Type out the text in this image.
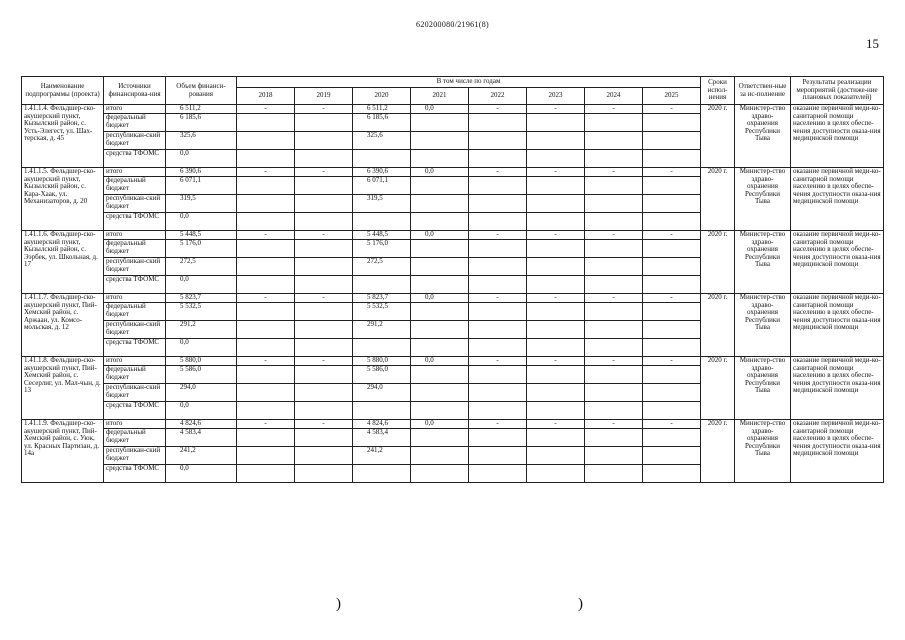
620200080/21961(8)
15
Наименование подпрограммы (проекта)	Источники финансирова-ния	Объем финанси-рования	В том числе по годам								Сроки испол-нения	Ответствен-ные за ис-полнение	Результаты реализации мероприятий (достиже-ние плановых показателей)
			2018	2019	2020	2021	2022	2023	2024	2025			
1.41.1.4. Фельдшер-ско-акушерский пункт, Кызылский район, с. Усть-Элегест, ул. Шах-терская, д. 45	итого	6 511,2	-	-	6 511,2	0,0	-	-	-	-	2020 г.	Министер-ство здраво-охранения Республики Тыва	оказание первичной меди-ко-санитарной помощи населению в целях обеспе-чения доступности оказа-ния медицинской помощи
	федеральный бюджет	6 185,6			6 185,6								
	республикан-ский бюджет	325,6			325,6								
	средства ТФОМС	0,0											
1.41.1.5. Фельдшер-ско-акушерский пункт, Кызылский район, с. Кара-Хаак, ул. Механизаторов, д. 20	итого	6 390,6	-	-	6 390,6	0,0	-	-	-	-	2020 г.	Министер-ство здраво-охранения Республики Тыва	оказание первичной меди-ко-санитарной помощи населению в целях обеспе-чения доступности оказа-ния медицинской помощи
	федеральный бюджет	6 071,1			6 071,1								
	республикан-ский бюджет	319,5			319,5								
	средства ТФОМС	0,0											
1.41.1.6. Фельдшер-ско-акушерский пункт, Кызылский район, с. Ээрбек, ул. Школьная, д. 17	итого	5 448,5	-	-	5 448,5	0,0	-	-	-	-	2020 г.	Министер-ство здраво-охранения Республики Тыва	оказание первичной меди-ко-санитарной помощи населению в целях обеспе-чения доступности оказа-ния медицинской помощи
	федеральный бюджет	5 176,0			5 176,0								
	республикан-ский бюджет	272,5			272,5								
	средства ТФОМС	0,0											
1.41.1.7. Фельдшер-ско-акушерский пункт, Пий-Хемский район, с. Аржаан, ул. Комсо-мольская, д. 12	итого	5 823,7	-	-	5 823,7	0,0	-	-	-	-	2020 г.	Министер-ство здраво-охранения Республики Тыва	оказание первичной меди-ко-санитарной помощи населению в целях обеспе-чения доступности оказа-ния медицинской помощи
	федеральный бюджет	5 532,5			5 532,5								
	республикан-ский бюджет	291,2			291,2								
	средства ТФОМС	0,0											
1.41.1.8. Фельдшер-ско-акушерский пункт, Пий-Хемский район, с. Сесерлиг, ул. Мал-чын, д. 13	итого	5 880,0	-	-	5 880,0	0,0	-	-	-	-	2020 г.	Министер-ство здраво-охранения Республики Тыва	оказание первичной меди-ко-санитарной помощи населению в целях обеспе-чения доступности оказа-ния медицинской помощи
	федеральный бюджет	5 586,0			5 586,0								
	республикан-ский бюджет	294,0			294,0								
	средства ТФОМС	0,0											
1.41.1.9. Фельдшер-ско-акушерский пункт, Пий-Хемский район, с. Уюк, ул. Красных Партизан, д. 14а	итого	4 824,6	-	-	4 824,6	0,0	-	-	-	-	2020 г.	Министер-ство здраво-охранения Республики Тыва	оказание первичной меди-ко-санитарной помощи населению в целях обеспе-чения доступности оказа-ния медицинской помощи
	федеральный бюджет	4 583,4			4 583,4								
	республикан-ский бюджет	241,2			241,2								
	средства ТФОМС	0,0											
)	)
